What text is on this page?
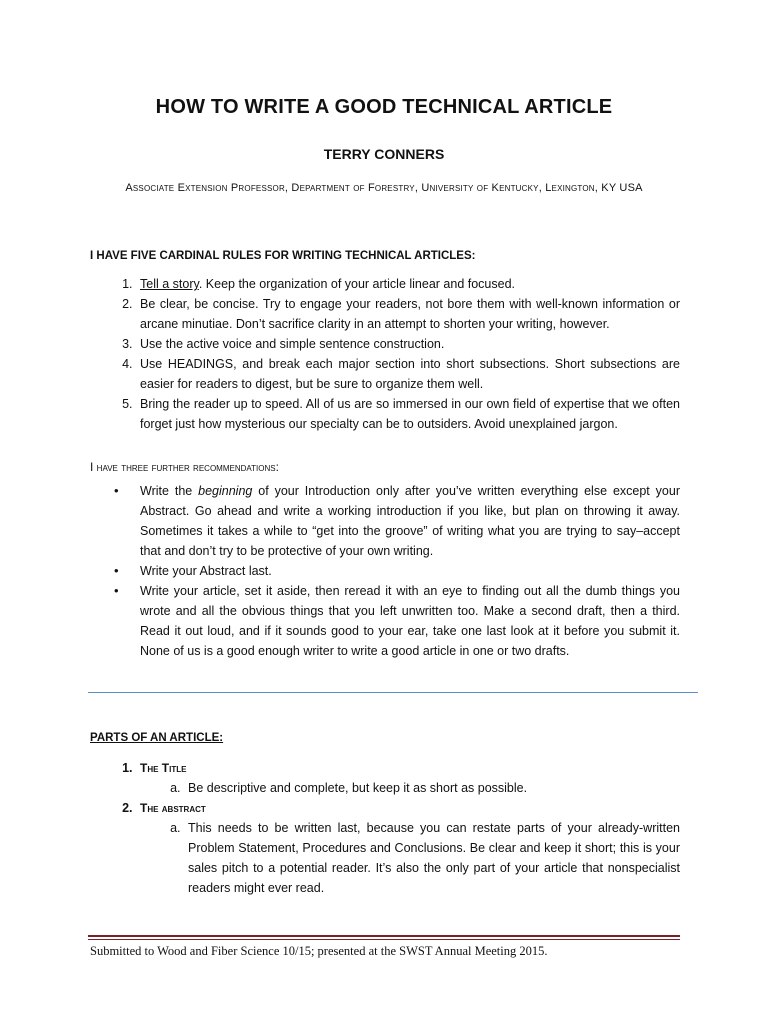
HOW TO WRITE A GOOD TECHNICAL ARTICLE

TERRY CONNERS

Associate Extension Professor, Department of Forestry, University of Kentucky, Lexington, KY USA

I HAVE FIVE CARDINAL RULES FOR WRITING TECHNICAL ARTICLES:

1. Tell a story. Keep the organization of your article linear and focused.
2. Be clear, be concise. Try to engage your readers, not bore them with well-known information or arcane minutiae. Don’t sacrifice clarity in an attempt to shorten your writing, however.
3. Use the active voice and simple sentence construction.
4. Use HEADINGS, and break each major section into short subsections. Short subsections are easier for readers to digest, but be sure to organize them well.
5. Bring the reader up to speed. All of us are so immersed in our own field of expertise that we often forget just how mysterious our specialty can be to outsiders. Avoid unexplained jargon.

I have three further recommendations:

• Write the beginning of your Introduction only after you’ve written everything else except your Abstract. Go ahead and write a working introduction if you like, but plan on throwing it away. Sometimes it takes a while to “get into the groove” of writing what you are trying to say–accept that and don’t try to be protective of your own writing.
• Write your Abstract last.
• Write your article, set it aside, then reread it with an eye to finding out all the dumb things you wrote and all the obvious things that you left unwritten too. Make a second draft, then a third. Read it out loud, and if it sounds good to your ear, take one last look at it before you submit it. None of us is a good enough writer to write a good article in one or two drafts.

PARTS OF AN ARTICLE:

1. The Title
a. Be descriptive and complete, but keep it as short as possible.
2. The abstract
a. This needs to be written last, because you can restate parts of your already-written Problem Statement, Procedures and Conclusions. Be clear and keep it short; this is your sales pitch to a potential reader. It’s also the only part of your article that nonspecialist readers might ever read.
Submitted to Wood and Fiber Science 10/15; presented at the SWST Annual Meeting 2015.
